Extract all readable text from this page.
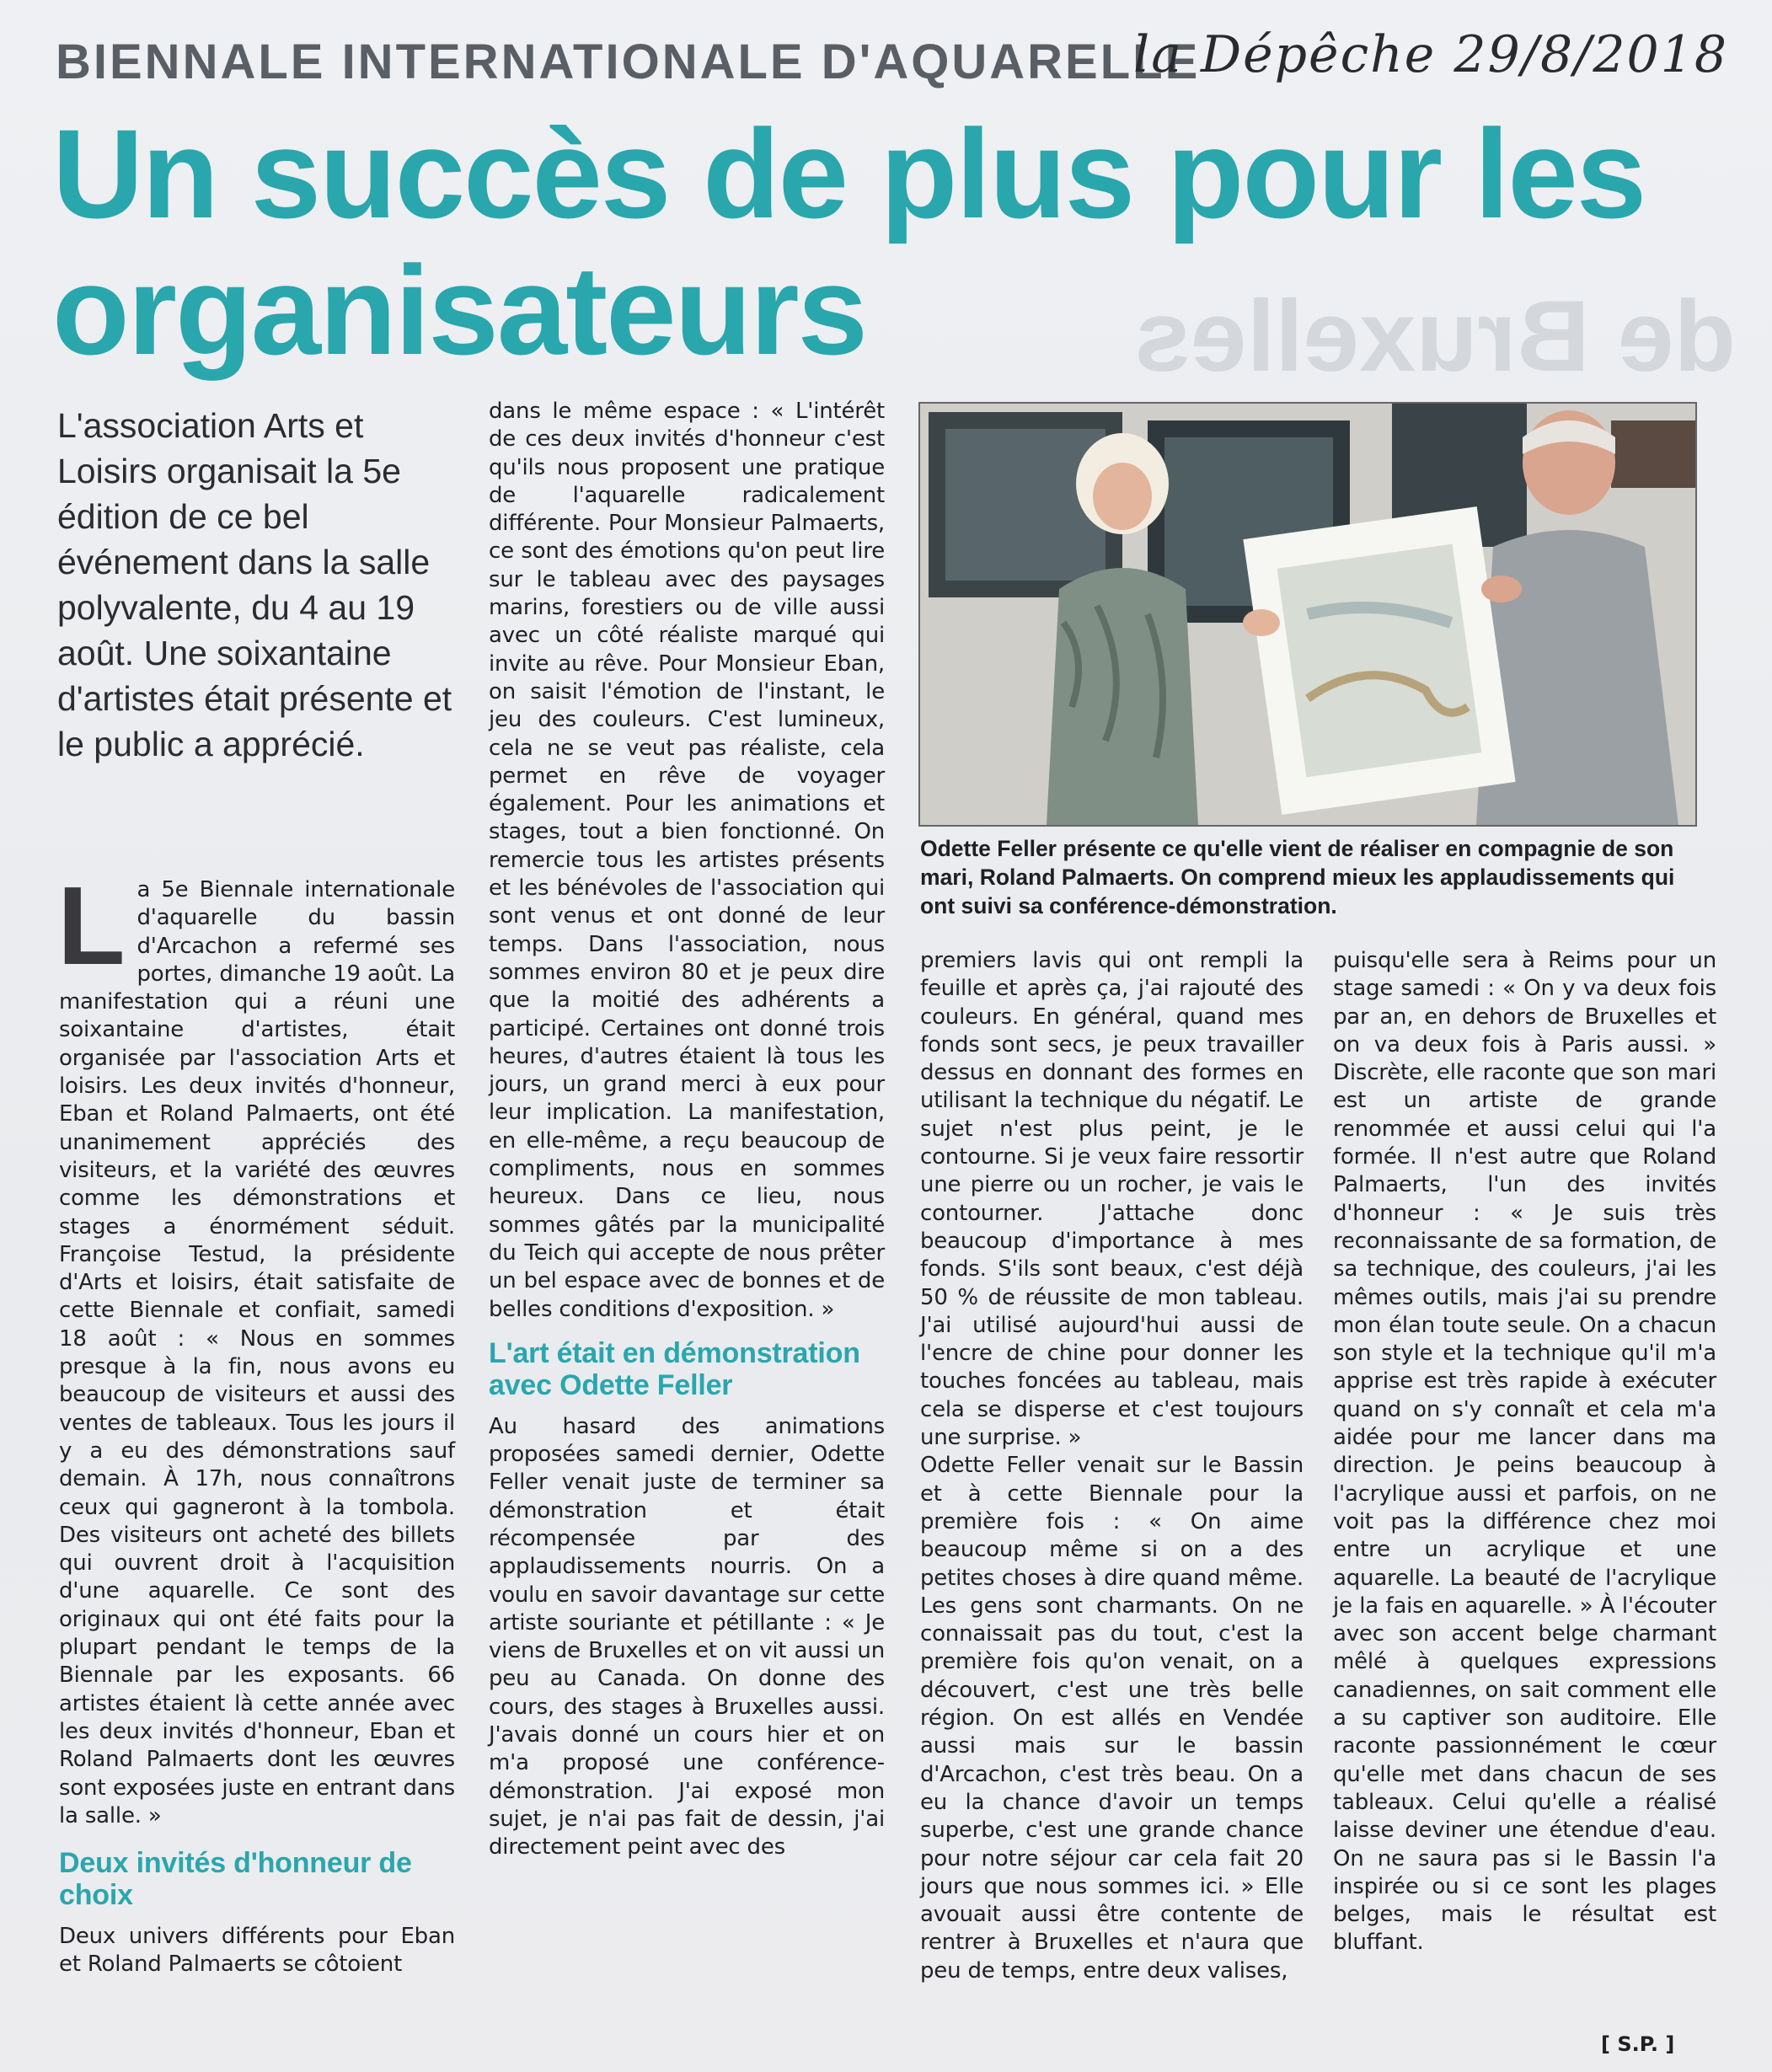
de Bruxelles
BIENNALE INTERNATIONALE D'AQUARELLE
la Dépêche 29/8/2018
Un succès de plus pour les organisateurs
L'association Arts et Loisirs organisait la 5e édition de ce bel événement dans la salle polyvalente, du 4 au 19 août. Une soixantaine d'artistes était présente et le public a apprécié.

La 5e Biennale internationale d'aquarelle du bassin d'Arcachon a refermé ses portes, dimanche 19 août. La manifestation qui a réuni une soixantaine d'artistes, était organisée par l'association Arts et loisirs. Les deux invités d'honneur, Eban et Roland Palmaerts, ont été unanimement appréciés des visiteurs, et la variété des œuvres comme les démonstrations et stages a énormément séduit. Françoise Testud, la présidente d'Arts et loisirs, était satisfaite de cette Biennale et confiait, samedi 18 août : « Nous en sommes presque à la fin, nous avons eu beaucoup de visiteurs et aussi des ventes de tableaux. Tous les jours il y a eu des démonstrations sauf demain. À 17h, nous connaîtrons ceux qui gagneront à la tombola. Des visiteurs ont acheté des billets qui ouvrent droit à l'acquisition d'une aquarelle. Ce sont des originaux qui ont été faits pour la plupart pendant le temps de la Biennale par les exposants. 66 artistes étaient là cette année avec les deux invités d'honneur, Eban et Roland Palmaerts dont les œuvres sont exposées juste en entrant dans la salle. »

Deux invités d'honneur de choix

Deux univers différents pour Eban et Roland Palmaerts se côtoient

dans le même espace : « L'intérêt de ces deux invités d'honneur c'est qu'ils nous proposent une pratique de l'aquarelle radicalement différente. Pour Monsieur Palmaerts, ce sont des émotions qu'on peut lire sur le tableau avec des paysages marins, forestiers ou de ville aussi avec un côté réaliste marqué qui invite au rêve. Pour Monsieur Eban, on saisit l'émotion de l'instant, le jeu des couleurs. C'est lumineux, cela ne se veut pas réaliste, cela permet en rêve de voyager également. Pour les animations et stages, tout a bien fonctionné. On remercie tous les artistes présents et les bénévoles de l'association qui sont venus et ont donné de leur temps. Dans l'association, nous sommes environ 80 et je peux dire que la moitié des adhérents a participé. Certaines ont donné trois heures, d'autres étaient là tous les jours, un grand merci à eux pour leur implication. La manifestation, en elle-même, a reçu beaucoup de compliments, nous en sommes heureux. Dans ce lieu, nous sommes gâtés par la municipalité du Teich qui accepte de nous prêter un bel espace avec de bonnes et de belles conditions d'exposition. »

L'art était en démonstration avec Odette Feller

Au hasard des animations proposées samedi dernier, Odette Feller venait juste de terminer sa démonstration et était récompensée par des applaudissements nourris. On a voulu en savoir davantage sur cette artiste souriante et pétillante : « Je viens de Bruxelles et on vit aussi un peu au Canada. On donne des cours, des stages à Bruxelles aussi. J'avais donné un cours hier et on m'a proposé une conférence-démonstration. J'ai exposé mon sujet, je n'ai pas fait de dessin, j'ai directement peint avec des

Odette Feller présente ce qu'elle vient de réaliser en compagnie de son mari, Roland Palmaerts. On comprend mieux les applaudissements qui ont suivi sa conférence-démonstration.

premiers lavis qui ont rempli la feuille et après ça, j'ai rajouté des couleurs. En général, quand mes fonds sont secs, je peux travailler dessus en donnant des formes en utilisant la technique du négatif. Le sujet n'est plus peint, je le contourne. Si je veux faire ressortir une pierre ou un rocher, je vais le contourner. J'attache donc beaucoup d'importance à mes fonds. S'ils sont beaux, c'est déjà 50 % de réussite de mon tableau. J'ai utilisé aujourd'hui aussi de l'encre de chine pour donner les touches foncées au tableau, mais cela se disperse et c'est toujours une surprise. »

Odette Feller venait sur le Bassin et à cette Biennale pour la première fois : « On aime beaucoup même si on a des petites choses à dire quand même. Les gens sont charmants. On ne connaissait pas du tout, c'est la première fois qu'on venait, on a découvert, c'est une très belle région. On est allés en Vendée aussi mais sur le bassin d'Arcachon, c'est très beau. On a eu la chance d'avoir un temps superbe, c'est une grande chance pour notre séjour car cela fait 20 jours que nous sommes ici. » Elle avouait aussi être contente de rentrer à Bruxelles et n'aura que peu de temps, entre deux valises,

puisqu'elle sera à Reims pour un stage samedi : « On y va deux fois par an, en dehors de Bruxelles et on va deux fois à Paris aussi. » Discrète, elle raconte que son mari est un artiste de grande renommée et aussi celui qui l'a formée. Il n'est autre que Roland Palmaerts, l'un des invités d'honneur : « Je suis très reconnaissante de sa formation, de sa technique, des couleurs, j'ai les mêmes outils, mais j'ai su prendre mon élan toute seule. On a chacun son style et la technique qu'il m'a apprise est très rapide à exécuter quand on s'y connaît et cela m'a aidée pour me lancer dans ma direction. Je peins beaucoup à l'acrylique aussi et parfois, on ne voit pas la différence chez moi entre un acrylique et une aquarelle. La beauté de l'acrylique je la fais en aquarelle. » À l'écouter avec son accent belge charmant mêlé à quelques expressions canadiennes, on sait comment elle a su captiver son auditoire. Elle raconte passionnément le cœur qu'elle met dans chacun de ses tableaux. Celui qu'elle a réalisé laisse deviner une étendue d'eau. On ne saura pas si le Bassin l'a inspirée ou si ce sont les plages belges, mais le résultat est bluffant.

[ S.P. ]
